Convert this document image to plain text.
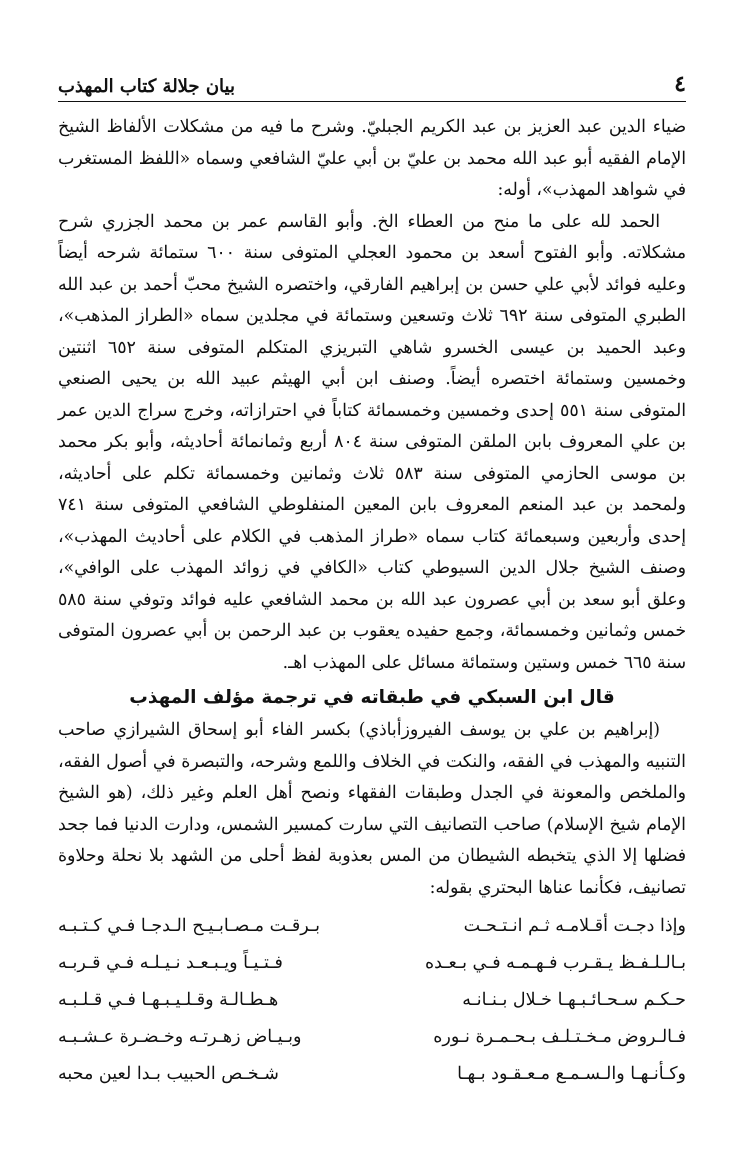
٤
بيان جلالة كتاب المهذب

ضياء الدين عبد العزيز بن عبد الكريم الجبليّ. وشرح ما فيه من مشكلات الألفاظ الشيخ الإمام الفقيه أبو عبد الله محمد بن عليّ بن أبي عليّ الشافعي وسماه «اللفظ المستغرب في شواهد المهذب»، أوله:

الحمد لله على ما منح من العطاء الخ. وأبو القاسم عمر بن محمد الجزري شرح مشكلاته. وأبو الفتوح أسعد بن محمود العجلي المتوفى سنة ٦٠٠ ستمائة شرحه أيضاً وعليه فوائد لأبي علي حسن بن إبراهيم الفارقي، واختصره الشيخ محبّ أحمد بن عبد الله الطبري المتوفى سنة ٦٩٢ ثلاث وتسعين وستمائة في مجلدين سماه «الطراز المذهب»، وعبد الحميد بن عيسى الخسرو شاهي التبريزي المتكلم المتوفى سنة ٦٥٢ اثنتين وخمسين وستمائة اختصره أيضاً. وصنف ابن أبي الهيثم عبيد الله بن يحيى الصنعي المتوفى سنة ٥٥١ إحدى وخمسين وخمسمائة كتاباً في احترازاته، وخرج سراج الدين عمر بن علي المعروف بابن الملقن المتوفى سنة ٨٠٤ أربع وثمانمائة أحاديثه، وأبو بكر محمد بن موسى الحازمي المتوفى سنة ٥٨٣ ثلاث وثمانين وخمسمائة تكلم على أحاديثه، ولمحمد بن عبد المنعم المعروف بابن المعين المنفلوطي الشافعي المتوفى سنة ٧٤١ إحدى وأربعين وسبعمائة كتاب سماه «طراز المذهب في الكلام على أحاديث المهذب»، وصنف الشيخ جلال الدين السيوطي كتاب «الكافي في زوائد المهذب على الوافي»، وعلق أبو سعد بن أبي عصرون عبد الله بن محمد الشافعي عليه فوائد وتوفي سنة ٥٨٥ خمس وثمانين وخمسمائة، وجمع حفيده يعقوب بن عبد الرحمن بن أبي عصرون المتوفى سنة ٦٦٥ خمس وستين وستمائة مسائل على المهذب اهـ.

قال ابن السبكي في طبقاته في ترجمة مؤلف المهذب

(إبراهيم بن علي بن يوسف الفيروزأباذي) بكسر الفاء أبو إسحاق الشيرازي صاحب التنبيه والمهذب في الفقه، والنكت في الخلاف واللمع وشرحه، والتبصرة في أصول الفقه، والملخص والمعونة في الجدل وطبقات الفقهاء ونصح أهل العلم وغير ذلك، (هو الشيخ الإمام شيخ الإسلام) صاحب التصانيف التي سارت كمسير الشمس، ودارت الدنيا فما جحد فضلها إلا الذي يتخبطه الشيطان من المس بعذوبة لفظ أحلى من الشهد بلا نحلة وحلاوة تصانيف، فكأنما عناها البحتري بقوله:

وإذا دجـت أقـلامـه ثـم انـتـحـت
بـرقـت مـصـابـيـح الـدجـا فـي كـتـبـه
بـالـلـفـظ يـقـرب فـهـمـه فـي بـعـده
فـتـيـاً ويـبـعـد نـيـلـه فـي قـربـه
حـكـم سـحـائـبـهـا خـلال بـنـانـه
هـطـالـة وقـلـيـبـهـا فـي قـلـبـه
فـالـروض مـخـتـلـف بـحـمـرة نـوره
وبـيـاض زهـرتـه وخـضـرة عـشـبـه
وكـأنـهـا والـسـمـع مـعـقـود بـهـا
شـخـص الحبيب بـدا لعين محبه
